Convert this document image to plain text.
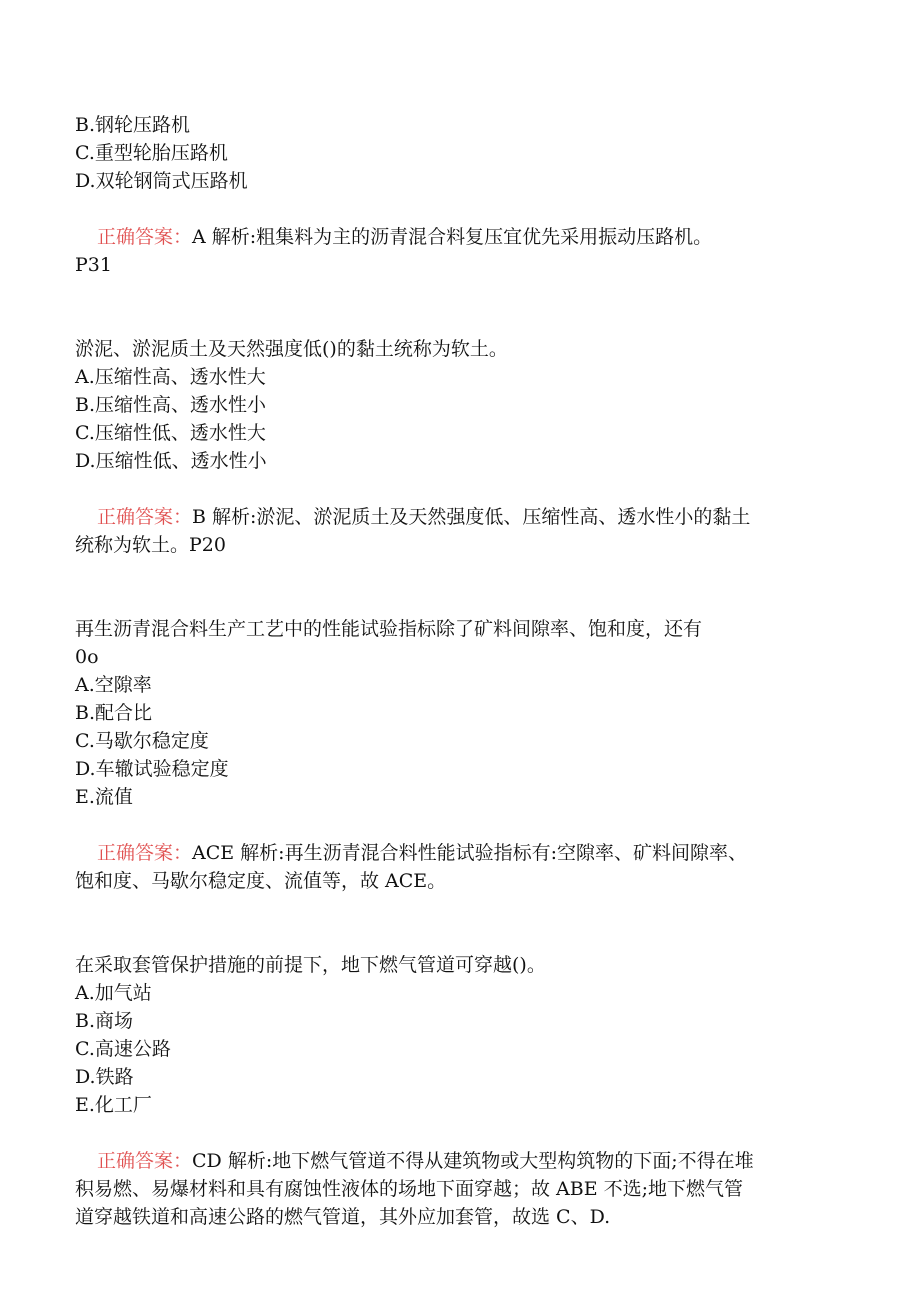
B.钢轮压路机
C.重型轮胎压路机
D.双轮钢筒式压路机
正确答案：A 解析:粗集料为主的沥青混合料复压宜优先采用振动压路机。
P31
淤泥、淤泥质土及天然强度低()的黏土统称为软土。
A.压缩性高、透水性大
B.压缩性高、透水性小
C.压缩性低、透水性大
D.压缩性低、透水性小
正确答案：B 解析:淤泥、淤泥质土及天然强度低、压缩性高、透水性小的黏土
统称为软土。P20
再生沥青混合料生产工艺中的性能试验指标除了矿料间隙率、饱和度，还有
0o
A.空隙率
B.配合比
C.马歇尔稳定度
D.车辙试验稳定度
E.流值
正确答案：ACE 解析:再生沥青混合料性能试验指标有:空隙率、矿料间隙率、
饱和度、马歇尔稳定度、流值等，故 ACE。
在采取套管保护措施的前提下，地下燃气管道可穿越()。
A.加气站
B.商场
C.高速公路
D.铁路
E.化工厂
正确答案：CD 解析:地下燃气管道不得从建筑物或大型构筑物的下面;不得在堆
积易燃、易爆材料和具有腐蚀性液体的场地下面穿越；故 ABE 不选;地下燃气管
道穿越铁道和高速公路的燃气管道，其外应加套管，故选 C、D.
